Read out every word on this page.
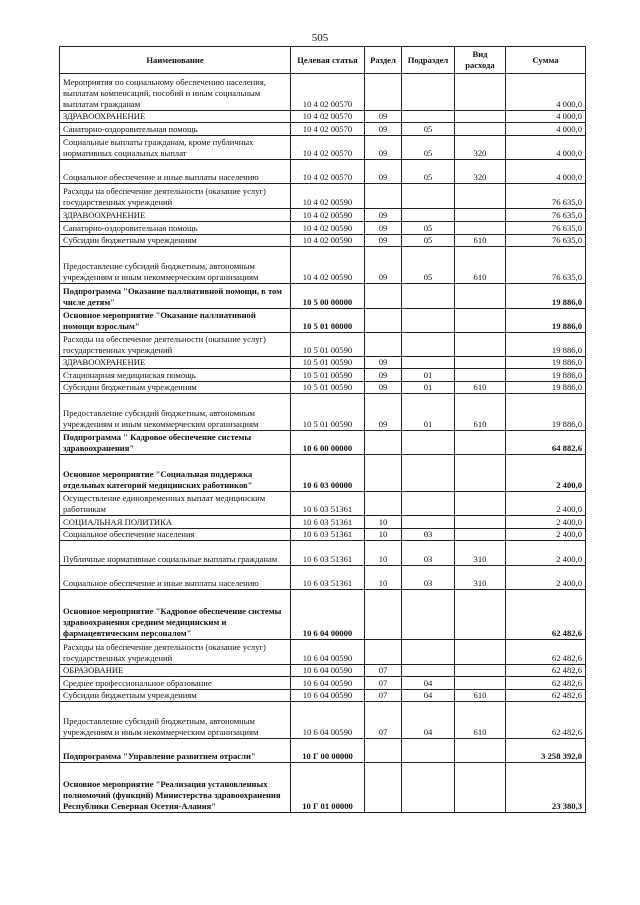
505
Наименование	Целевая статья	Раздел	Подраздел	Вид расхода	Сумма
Мероприятия по социальному обеспечению населения, выплатам компенсаций, пособий и иным социальным выплатам гражданам	10 4 02 00570				4 000,0
ЗДРАВООХРАНЕНИЕ	10 4 02 00570	09			4 000,0
Санаторно-оздоровительная помощь	10 4 02 00570	09	05		4 000,0
Социальные выплаты гражданам, кроме публичных нормативных социальных выплат	10 4 02 00570	09	05	320	4 000,0
Социальное обеспечение и иные выплаты населению	10 4 02 00570	09	05	320	4 000,0
Расходы на обеспечение деятельности (оказание услуг) государственных учреждений	10 4 02 00590				76 635,0
ЗДРАВООХРАНЕНИЕ	10 4 02 00590	09			76 635,0
Санаторно-оздоровительная помощь	10 4 02 00590	09	05		76 635,0
Субсидии бюджетным учреждениям	10 4 02 00590	09	05	610	76 635,0
Предоставление субсидий бюджетным, автономным учреждениям и иным некоммерческим организациям	10 4 02 00590	09	05	610	76 635,0
Подпрограмма "Оказание паллиативной помощи, в том числе детям"	10 5 00 00000				19 886,0
Основное мероприятие "Оказание паллиативной помощи взрослым"	10 5 01 00000				19 886,0
Расходы на обеспечение деятельности (оказание услуг) государственных учреждений	10 5 01 00590				19 886,0
ЗДРАВООХРАНЕНИЕ	10 5 01 00590	09			19 886,0
Стационарная медицинская помощь	10 5 01 00590	09	01		19 886,0
Субсидии бюджетным учреждениям	10 5 01 00590	09	01	610	19 886,0
Предоставление субсидий бюджетным, автономным учреждениям и иным некоммерческим организациям	10 5 01 00590	09	01	610	19 886,0
Подпрограмма " Кадровое обеспечение системы здравоохранения"	10 6 00 00000				64 882,6
Основное мероприятие "Социальная поддержка отдельных категорий медицинских работников"	10 6 03 00000				2 400,0
Осуществление единовременных выплат медицинским работникам	10 6 03 51361				2 400,0
СОЦИАЛЬНАЯ ПОЛИТИКА	10 6 03 51361	10			2 400,0
Социальное обеспечение населения	10 6 03 51361	10	03		2 400,0
Публичные нормативные социальные выплаты гражданам	10 6 03 51361	10	03	310	2 400,0
Социальное обеспечение и иные выплаты населению	10 6 03 51361	10	03	310	2 400,0
Основное мероприятие "Кадровое обеспечение системы здравоохранения средним медицинским и фармацевтическим персоналом"	10 6 04 00000				62 482,6
Расходы на обеспечение деятельности (оказание услуг) государственных учреждений	10 6 04 00590				62 482,6
ОБРАЗОВАНИЕ	10 6 04 00590	07			62 482,6
Среднее профессиональное образование	10 6 04 00590	07	04		62 482,6
Субсидии бюджетным учреждениям	10 6 04 00590	07	04	610	62 482,6
Предоставление субсидий бюджетным, автономным учреждениям и иным некоммерческим организациям	10 6 04 00590	07	04	610	62 482,6
Подпрограмма "Управление развитием отрасли"	10 Г 00 00000				3 258 392,0
Основное мероприятие "Реализация установленных полномочий (функций) Министерства здравоохранения Республики Северная Осетия-Алания"	10 Г 01 00000				23 380,3
